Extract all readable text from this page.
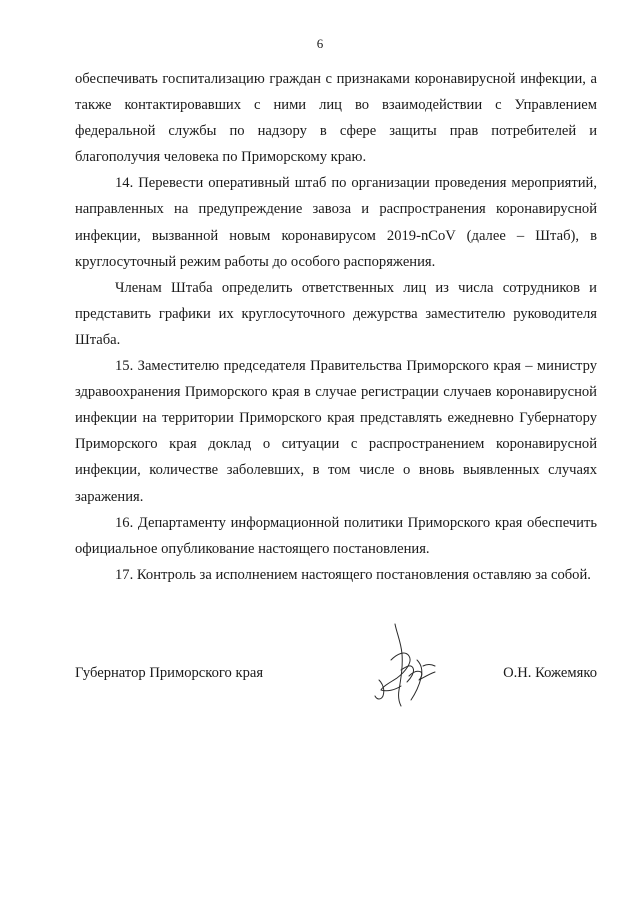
6

обеспечивать госпитализацию граждан с признаками коронавирусной инфекции, а также контактировавших с ними лиц во взаимодействии с Управлением федеральной службы по надзору в сфере защиты прав потребителей и благополучия человека по Приморскому краю.

14. Перевести оперативный штаб по организации проведения мероприятий, направленных на предупреждение завоза и распространения коронавирусной инфекции, вызванной новым коронавирусом 2019-nCoV (далее – Штаб), в круглосуточный режим работы до особого распоряжения.

Членам Штаба определить ответственных лиц из числа сотрудников и представить графики их круглосуточного дежурства заместителю руководителя Штаба.

15. Заместителю председателя Правительства Приморского края – министру здравоохранения Приморского края в случае регистрации случаев коронавирусной инфекции на территории Приморского края представлять ежедневно Губернатору Приморского края доклад о ситуации с распространением коронавирусной инфекции, количестве заболевших, в том числе о вновь выявленных случаях заражения.

16. Департаменту информационной политики Приморского края обеспечить официальное опубликование настоящего постановления.

17. Контроль за исполнением настоящего постановления оставляю за собой.

Губернатор Приморского края	О.Н. Кожемяко
